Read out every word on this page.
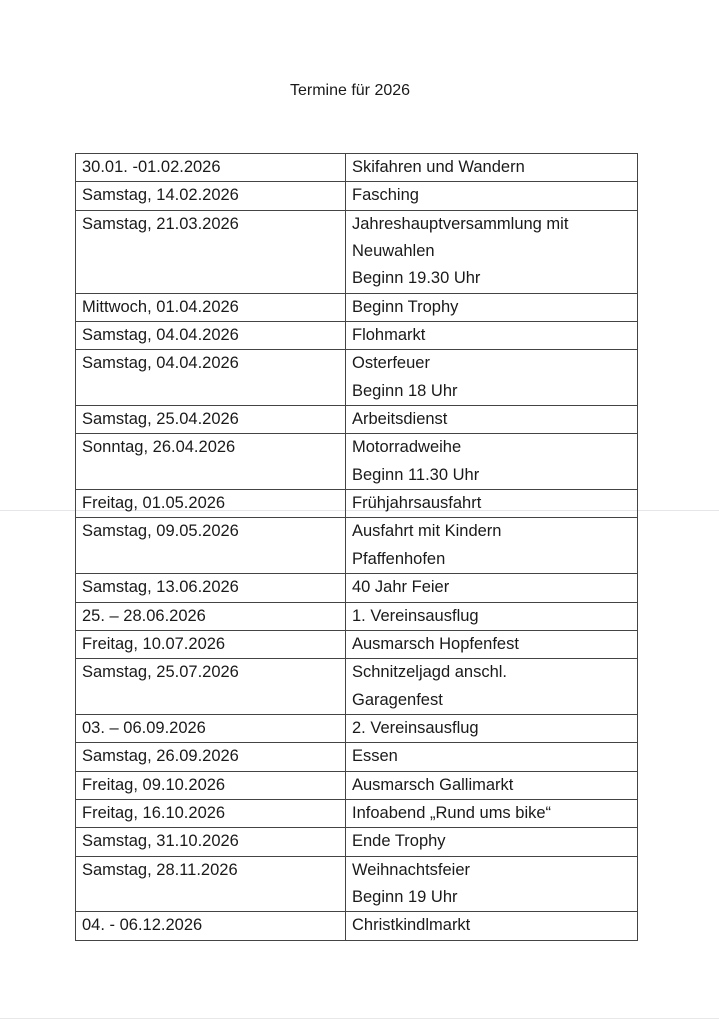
Termine für 2026
30.01. -01.02.2026	Skifahren und Wandern

Samstag, 14.02.2026	Fasching

Samstag, 21.03.2026	Jahreshauptversammlung mit
Neuwahlen
Beginn 19.30 Uhr

Mittwoch, 01.04.2026	Beginn Trophy

Samstag, 04.04.2026	Flohmarkt

Samstag, 04.04.2026	Osterfeuer
Beginn 18 Uhr

Samstag, 25.04.2026	Arbeitsdienst

Sonntag, 26.04.2026	Motorradweihe
Beginn 11.30 Uhr

Freitag, 01.05.2026	Frühjahrsausfahrt

Samstag, 09.05.2026	Ausfahrt mit Kindern
Pfaffenhofen

Samstag, 13.06.2026	40 Jahr Feier

25. – 28.06.2026	1. Vereinsausflug

Freitag, 10.07.2026	Ausmarsch Hopfenfest

Samstag, 25.07.2026	Schnitzeljagd anschl.
Garagenfest

03. – 06.09.2026	2. Vereinsausflug

Samstag, 26.09.2026	Essen

Freitag, 09.10.2026	Ausmarsch Gallimarkt

Freitag, 16.10.2026	Infoabend „Rund ums bike“

Samstag, 31.10.2026	Ende Trophy

Samstag, 28.11.2026	Weihnachtsfeier
Beginn 19 Uhr

04. - 06.12.2026	Christkindlmarkt
